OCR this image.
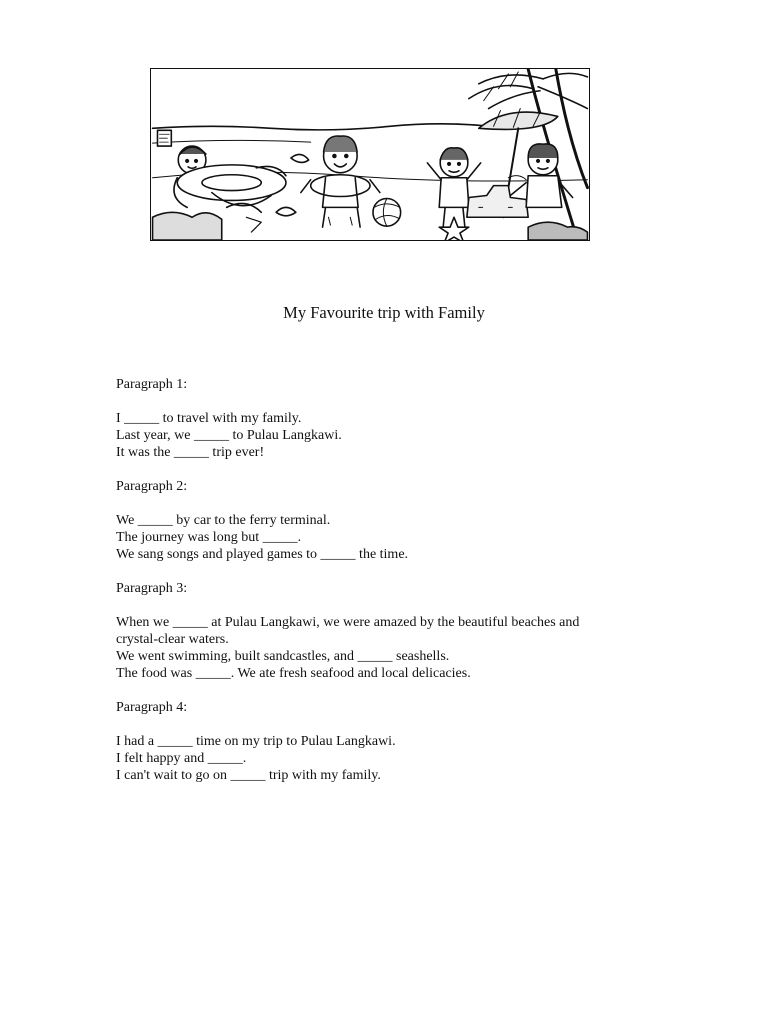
My Favourite trip with Family

Paragraph 1:

I _____ to travel with my family.
Last year, we _____ to Pulau Langkawi.
It was the _____ trip ever!

Paragraph 2:

We _____ by car to the ferry terminal.
The journey was long but _____.
We sang songs and played games to _____ the time.

Paragraph 3:

When we _____ at Pulau Langkawi, we were amazed by the beautiful beaches and
crystal-clear waters.
We went swimming, built sandcastles, and _____ seashells.
The food was _____. We ate fresh seafood and local delicacies.

Paragraph 4:

I had a _____ time on my trip to Pulau Langkawi.
I felt happy and _____.
I can't wait to go on _____ trip with my family.
